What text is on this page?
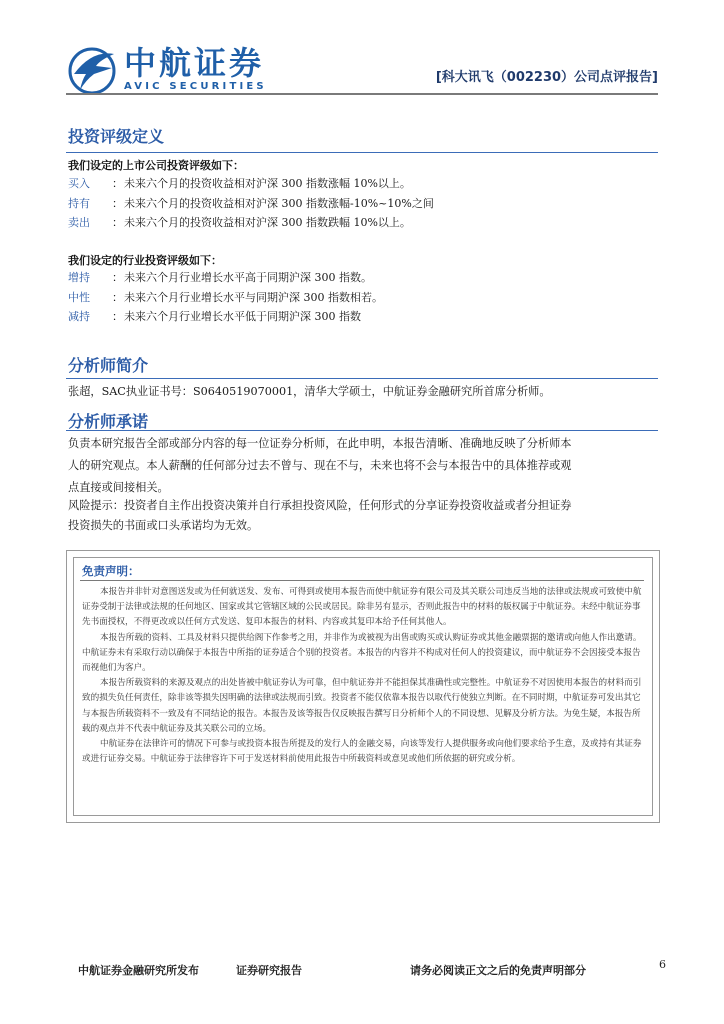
AVIC
中航证券
AVIC SECURITIES
[科大讯飞（002230）公司点评报告]
投资评级定义
我们设定的上市公司投资评级如下：
买入 ：未来六个月的投资收益相对沪深 300 指数涨幅 10%以上。
持有 ：未来六个月的投资收益相对沪深 300 指数涨幅-10%~10%之间
卖出 ：未来六个月的投资收益相对沪深 300 指数跌幅 10%以上。
我们设定的行业投资评级如下：
增持 ：未来六个月行业增长水平高于同期沪深 300 指数。
中性 ：未来六个月行业增长水平与同期沪深 300 指数相若。
减持 ：未来六个月行业增长水平低于同期沪深 300 指数
分析师简介
张超，SAC执业证书号：S0640519070001，清华大学硕士，中航证券金融研究所首席分析师。
分析师承诺
负责本研究报告全部或部分内容的每一位证券分析师，在此申明，本报告清晰、准确地反映了分析师本
人的研究观点。本人薪酬的任何部分过去不曾与、现在不与，未来也将不会与本报告中的具体推荐或观
点直接或间接相关。
风险提示：投资者自主作出投资决策并自行承担投资风险，任何形式的分享证券投资收益或者分担证券
投资损失的书面或口头承诺均为无效。
免责声明：

本报告并非针对意图送发或为任何就送发、发布、可得到或使用本报告而使中航证券有限公司及其关联公司违反当地的法律或法规或可致使中航证券受制于法律或法规的任何地区、国家或其它管辖区域的公民或居民。除非另有显示，否则此报告中的材料的版权属于中航证券。未经中航证券事先书面授权，不得更改或以任何方式发送、复印本报告的材料、内容或其复印本给予任何其他人。

本报告所载的资料、工具及材料只提供给阁下作参考之用，并非作为或被视为出售或购买或认购证券或其他金融票据的邀请或向他人作出邀请。中航证券未有采取行动以确保于本报告中所指的证券适合个别的投资者。本报告的内容并不构成对任何人的投资建议，而中航证券不会因接受本报告而视他们为客户。

本报告所载资料的来源及观点的出处皆被中航证券认为可靠，但中航证券并不能担保其准确性或完整性。中航证券不对因使用本报告的材料而引致的损失负任何责任，除非该等损失因明确的法律或法规而引致。投资者不能仅依靠本报告以取代行使独立判断。在不同时期，中航证券可发出其它与本报告所载资料不一致及有不同结论的报告。本报告及该等报告仅反映报告撰写日分析师个人的不同设想、见解及分析方法。为免生疑，本报告所载的观点并不代表中航证券及其关联公司的立场。

中航证券在法律许可的情况下可参与或投资本报告所提及的发行人的金融交易，向该等发行人提供服务或向他们要求给予生意，及或持有其证券或进行证券交易。中航证券于法律容许下可于发送材料前使用此报告中所载资料或意见或他们所依据的研究或分析。

中航证券金融研究所发布	证券研究报告	请务必阅读正文之后的免责声明部分	6
